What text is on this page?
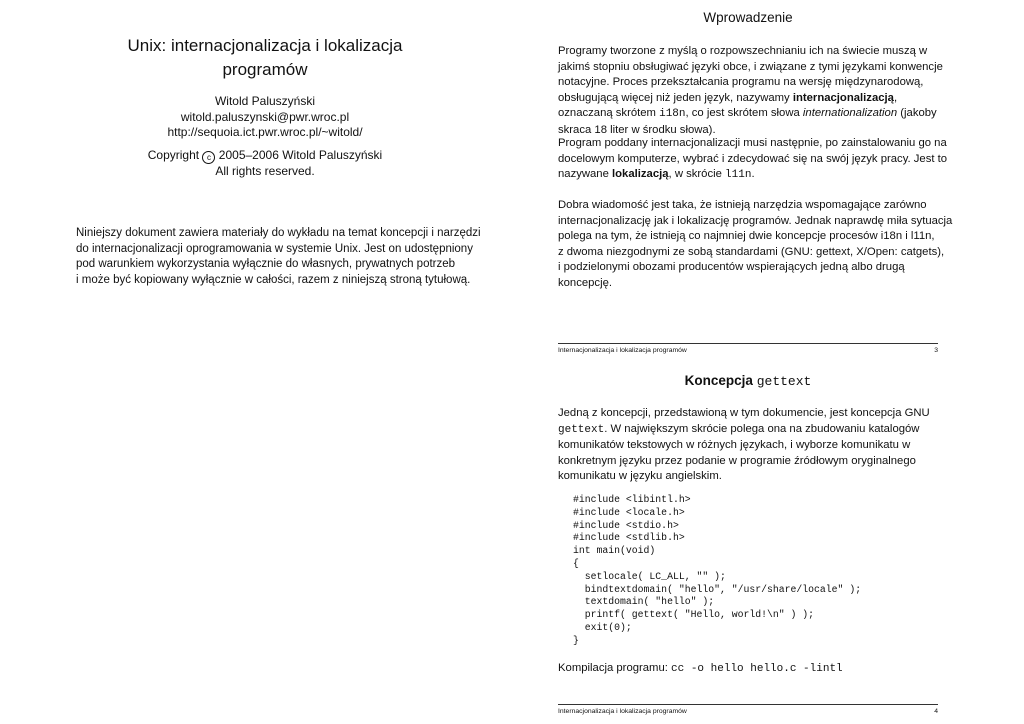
Unix: internacjonalizacja i lokalizacja programów
Witold Paluszyński
witold.paluszynski@pwr.wroc.pl
http://sequoia.ict.pwr.wroc.pl/~witold/
Copyright c 2005–2006 Witold Paluszyński
All rights reserved.
Niniejszy dokument zawiera materiały do wykładu na temat koncepcji i narzędzi
do internacjonalizacji oprogramowania w systemie Unix. Jest on udostępniony
pod warunkiem wykorzystania wyłącznie do własnych, prywatnych potrzeb
i może być kopiowany wyłącznie w całości, razem z niniejszą stroną tytułową.
Wprowadzenie
Programy tworzone z myślą o rozpowszechnianiu ich na świecie muszą w jakimś stopniu obsługiwać języki obce, i związane z tymi językami konwencje notacyjne. Proces przekształcania programu na wersję międzynarodową, obsługującą więcej niż jeden język, nazywamy internacjonalizacją, oznaczaną skrótem i18n, co jest skrótem słowa internationalization (jakoby skraca 18 liter w środku słowa).
Program poddany internacjonalizacji musi następnie, po zainstalowaniu go na docelowym komputerze, wybrać i zdecydować się na swój język pracy. Jest to nazywane lokalizacją, w skrócie l11n.
Dobra wiadomość jest taka, że istnieją narzędzia wspomagające zarówno
internacjonalizację jak i lokalizację programów. Jednak naprawdę miła sytuacja
polega na tym, że istnieją co najmniej dwie koncepcje procesów i18n i l11n,
z dwoma niezgodnymi ze sobą standardami (GNU: gettext, X/Open: catgets),
i podzielonymi obozami producentów wspierających jedną albo drugą koncepcję.
Internacjonalizacja i lokalizacja programów	3
Koncepcja gettext
Jedną z koncepcji, przedstawioną w tym dokumencie, jest koncepcja GNU gettext. W największym skrócie polega ona na zbudowaniu katalogów komunikatów tekstowych w różnych językach, i wyborze komunikatu w konkretnym języku przez podanie w programie źródłowym oryginalnego komunikatu w języku angielskim.
#include <libintl.h>
#include <locale.h>
#include <stdio.h>
#include <stdlib.h>
int main(void)
{
setlocale( LC_ALL, "" );
bindtextdomain( "hello", "/usr/share/locale" );
textdomain( "hello" );
printf( gettext( "Hello, world!\n" ) );
exit(0);
}
Kompilacja programu: cc -o hello hello.c -lintl
Internacjonalizacja i lokalizacja programów	4
